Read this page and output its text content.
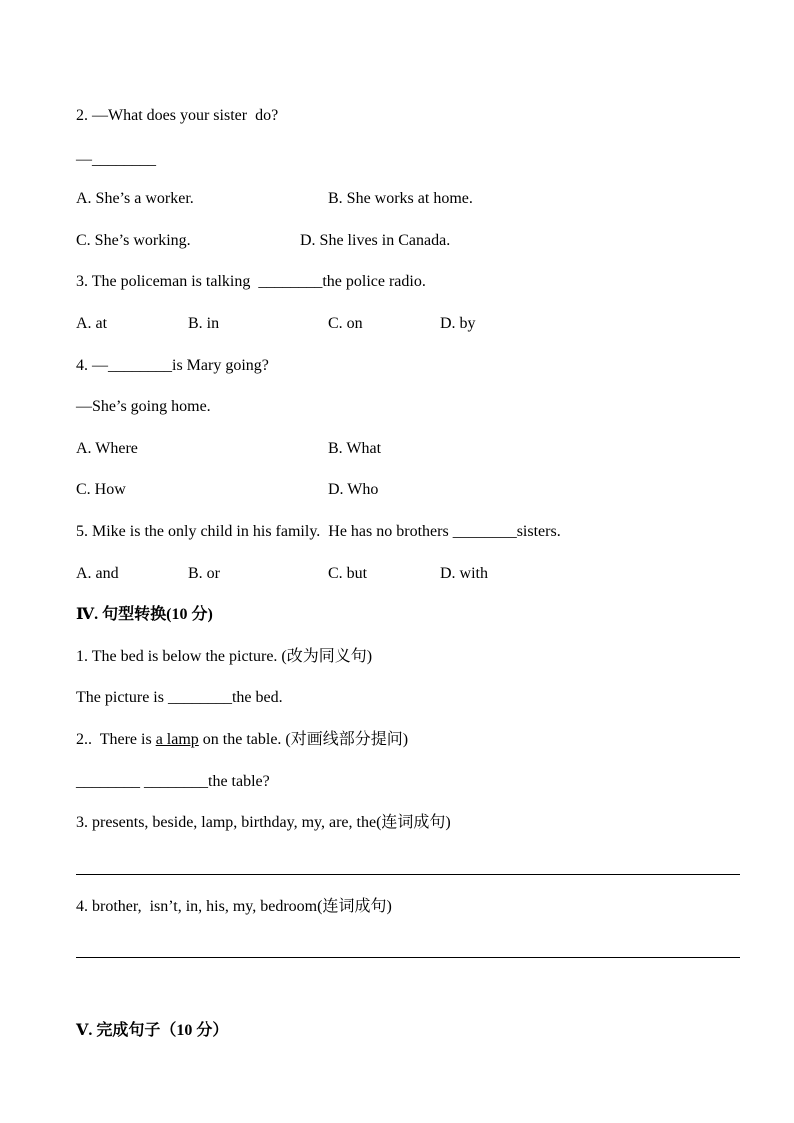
2. —What does your sister  do?
—________
A. She’s a worker.	B. She works at home.
C. She’s working.	D. She lives in Canada.
3. The policeman is talking  ________the police radio.
A. at	B. in	C. on	D. by
4. —________is Mary going?
—She’s going home.
A. Where	B. What
C. How	D. Who
5. Mike is the only child in his family.  He has no brothers ________sisters.
A. and	B. or	C. but	D. with
Ⅳ. 句型转换(10 分)
1. The bed is below the picture. (改为同义句)
The picture is ________the bed.
2..  There is a lamp on the table. (对画线部分提问)
________ ________the table?
3. presents, beside, lamp, birthday, my, are, the(连词成句)
4. brother,  isn’t, in, his, my, bedroom(连词成句)
Ⅴ. 完成句子（10 分）
